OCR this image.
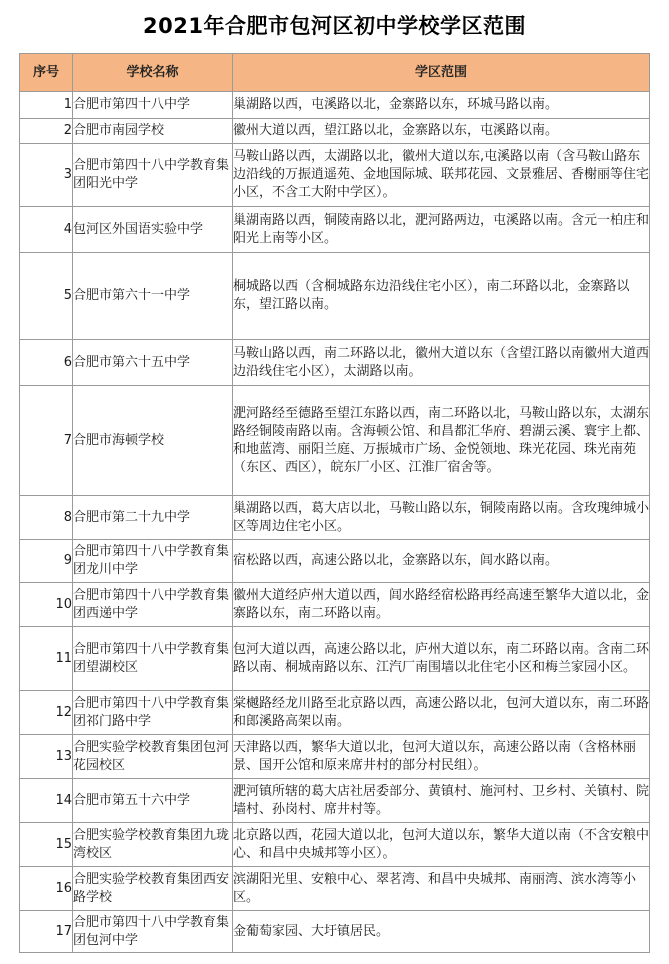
2021年合肥市包河区初中学校学区范围
序号	学校名称	学区范围
1	合肥市第四十八中学	巢湖路以西，屯溪路以北，金寨路以东，环城马路以南。
2	合肥市南园学校	徽州大道以西，望江路以北，金寨路以东，屯溪路以南。
3	合肥市第四十八中学教育集团阳光中学	马鞍山路以西，太湖路以北，徽州大道以东,屯溪路以南（含马鞍山路东边沿线的万振逍遥苑、金地国际城、联邦花园、文景雅居、香榭丽等住宅小区，不含工大附中学区）。
4	包河区外国语实验中学	巢湖南路以西，铜陵南路以北，淝河路两边，屯溪路以南。含元一柏庄和阳光上南等小区。
5	合肥市第六十一中学	桐城路以西（含桐城路东边沿线住宅小区），南二环路以北，金寨路以东，望江路以南。
6	合肥市第六十五中学	马鞍山路以西，南二环路以北，徽州大道以东（含望江路以南徽州大道西边沿线住宅小区），太湖路以南。
7	合肥市海顿学校	淝河路经至德路至望江东路以西，南二环路以北，马鞍山路以东，太湖东路经铜陵南路以南。含海顿公馆、和昌都汇华府、碧湖云溪、寰宇上都、和地蓝湾、丽阳兰庭、万振城市广场、金悦领地、珠光花园、珠光南苑（东区、西区），皖东厂小区、江淮厂宿舍等。
8	合肥市第二十九中学	巢湖路以西，葛大店以北，马鞍山路以东，铜陵南路以南。含玫瑰绅城小区等周边住宅小区。
9	合肥市第四十八中学教育集团龙川中学	宿松路以西，高速公路以北，金寨路以东，闾水路以南。
10	合肥市第四十八中学教育集团西递中学	徽州大道经庐州大道以西，闾水路经宿松路再经高速至繁华大道以北，金寨路以东，南二环路以南。
11	合肥市第四十八中学教育集团望湖校区	包河大道以西，高速公路以北，庐州大道以东，南二环路以南。含南二环路以南、桐城南路以东、江汽厂南围墙以北住宅小区和梅兰家园小区。
12	合肥市第四十八中学教育集团祁门路中学	棠樾路经龙川路至北京路以西，高速公路以北，包河大道以东，南二环路和郎溪路高架以南。
13	合肥实验学校教育集团包河花园校区	天津路以西，繁华大道以北，包河大道以东，高速公路以南（含格林丽景、国开公馆和原来席井村的部分村民组）。
14	合肥市第五十六中学	淝河镇所辖的葛大店社居委部分、黄镇村、施河村、卫乡村、关镇村、院墙村、孙岗村、席井村等。
15	合肥实验学校教育集团九珑湾校区	北京路以西，花园大道以北，包河大道以东，繁华大道以南（不含安粮中心、和昌中央城邦等小区）。
16	合肥实验学校教育集团西安路学校	滨湖阳光里、安粮中心、翠茗湾、和昌中央城邦、南丽湾、滨水湾等小区。
17	合肥市第四十八中学教育集团包河中学	金葡萄家园、大圩镇居民。
